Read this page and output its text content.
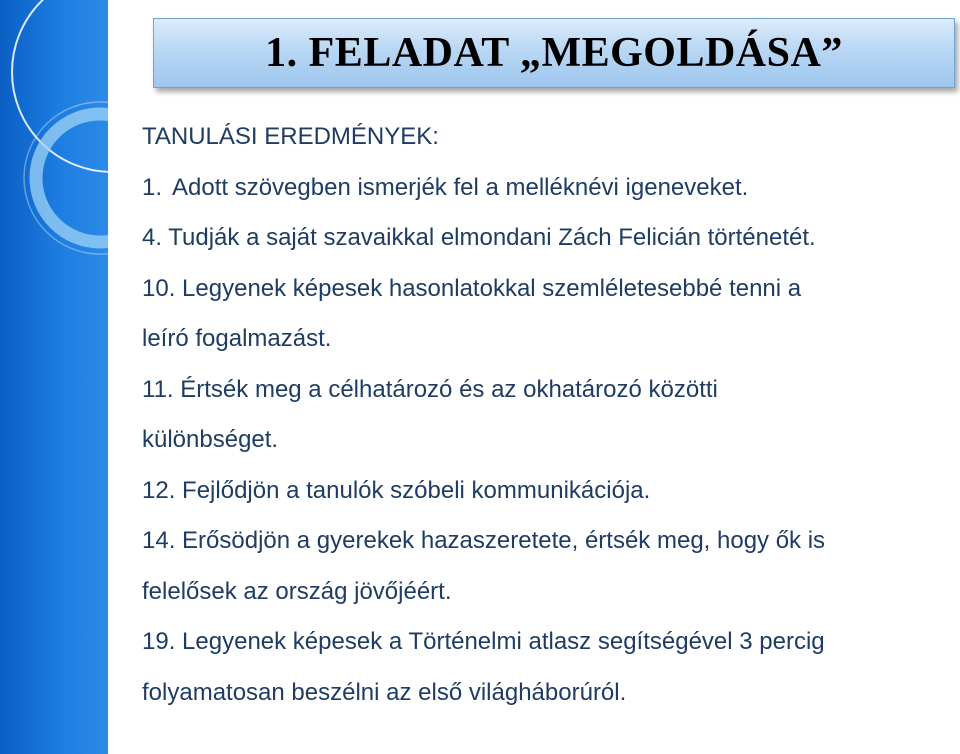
1. FELADAT „MEGOLDÁSA”
TANULÁSI EREDMÉNYEK:
1. Adott szövegben ismerjék fel a melléknévi igeneveket.
4. Tudják a saját szavaikkal elmondani Zách Felicián történetét.
10. Legyenek képesek hasonlatokkal szemléletesebbé tenni a
leíró fogalmazást.
11. Értsék meg a célhatározó és az okhatározó közötti
különbséget.
12. Fejlődjön a tanulók szóbeli kommunikációja.
14. Erősödjön a gyerekek hazaszeretete, értsék meg, hogy ők is
felelősek az ország jövőjéért.
19. Legyenek képesek a Történelmi atlasz segítségével 3 percig
folyamatosan beszélni az első világháborúról.
